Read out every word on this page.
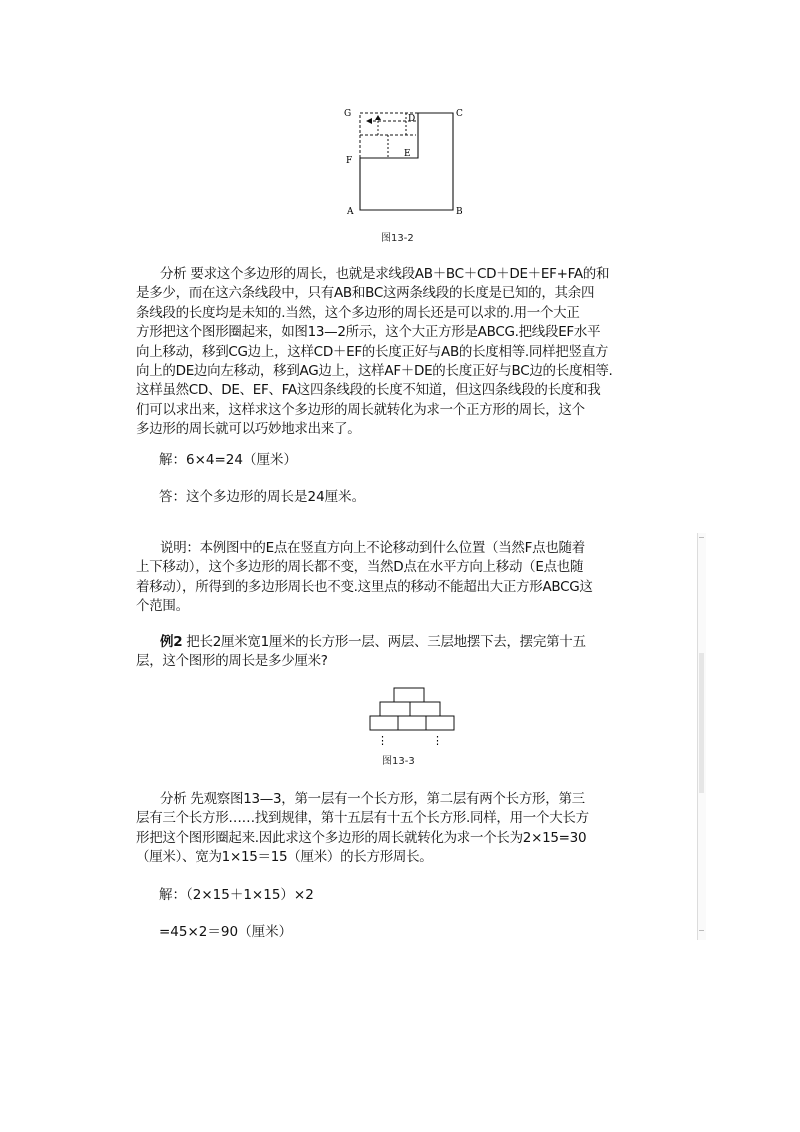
G	C
D
E
F
A	B
图13-2
分析 要求这个多边形的周长，也就是求线段AB＋BC＋CD＋DE＋EF+FA的和
是多少，而在这六条线段中，只有AB和BC这两条线段的长度是已知的，其余四
条线段的长度均是未知的.当然，这个多边形的周长还是可以求的.用一个大正
方形把这个图形圈起来，如图13—2所示，这个大正方形是ABCG.把线段EF水平
向上移动，移到CG边上，这样CD＋EF的长度正好与AB的长度相等.同样把竖直方
向上的DE边向左移动，移到AG边上，这样AF＋DE的长度正好与BC边的长度相等.
这样虽然CD、DE、EF、FA这四条线段的长度不知道，但这四条线段的长度和我
们可以求出来，这样求这个多边形的周长就转化为求一个正方形的周长，这个
多边形的周长就可以巧妙地求出来了。
解：6×4=24（厘米）
答：这个多边形的周长是24厘米。
说明：本例图中的E点在竖直方向上不论移动到什么位置（当然F点也随着
上下移动），这个多边形的周长都不变，当然D点在水平方向上移动（E点也随
着移动），所得到的多边形周长也不变.这里点的移动不能超出大正方形ABCG这
个范围。
例2 把长2厘米宽1厘米的长方形一层、两层、三层地摆下去，摆完第十五
层，这个图形的周长是多少厘米?
⋮	⋮
图13-3
分析 先观察图13—3，第一层有一个长方形，第二层有两个长方形，第三
层有三个长方形……找到规律，第十五层有十五个长方形.同样，用一个大长方
形把这个图形圈起来.因此求这个多边形的周长就转化为求一个长为2×15=30
（厘米）、宽为1×15＝15（厘米）的长方形周长。
解：（2×15＋1×15）×2
=45×2＝90（厘米）
